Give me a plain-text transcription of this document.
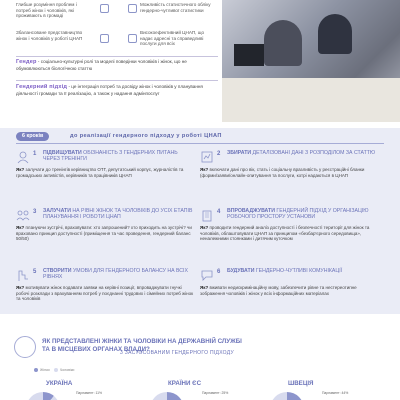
Глибше розуміння проблем і потреб жінок і чоловіків, які проживають в громаді
Збалансоване представництво жінок і чоловіків у роботі ЦНАП
Можливість статистичного обліку гендерно-чутливої статистики
Високоефективний ЦНАП, що надає адресні та справедливі послуги для всіх
Гендер - соціально-культурні ролі та моделі поведінки чоловіків і жінок, що не обумовлюються біологічною статтю
Гендерний підхід - це інтеграція потреб та досвіду жінок і чоловіків у планування діяльності громади та її реалізацію, а також у надання адмінпослуг
6 кроків	до реалізації гендерного підходу у роботі ЦНАП
1 ПІДВИЩУВАТИ ОБІЗНАНІСТЬ З ГЕНДЕРНИХ ПИТАНЬ ЧЕРЕЗ ТРЕНІНГИ
Як? залучати до тренінгів керівництво ОТГ, депутатський корпус, журналістів та громадських активістів, керівників та працівників ЦНАП
2 ЗБИРАТИ ДЕТАЛІЗОВАНІ ДАНІ З РОЗПОДІЛОМ ЗА СТАТТЮ
Як? включати дані про вік, стать і соціальну вразливість у реєстраційні бланки (форми/заяви/онлайн-опитування та послуги, котрі надаються в ЦНАП
3 ЗАЛУЧАТИ НА РІВНІ ЖІНОК ТА ЧОЛОВІКІВ ДО УСІХ ЕТАПІВ ПЛАНУВАННЯ І РОБОТИ ЦНАП
Як? плануючи зустрічі, враховувати: хто запрошений? хто приходить на зустрічі? чи враховано принцип доступності (приміщення та час проведення, гендерний баланс 50/50)
4 ВПРОВАДЖУВАТИ ГЕНДЕРНИЙ ПІДХІД У ОРГАНІЗАЦІЮ РОБОЧОГО ПРОСТОРУ УСТАНОВИ
Як? проводити гендерний аналіз доступності і безпечності території для жінок та чоловіків, облаштовувати ЦНАП за принципом «безбар'єрного середовища», неналежними стоянками і дитячим куточком
5 СТВОРИТИ УМОВИ ДЛЯ ГЕНДЕРНОГО БАЛАНСУ НА ВСІХ РІВНЯХ
Як? мотивувати жінок подавати заявки на керівні позиції, впроваджувати гнучкі робочі розклади з врахуванням потреб у поєднанні трудових і сімейних потреб жінок та чоловіків
6 БУДУВАТИ ГЕНДЕРНО-ЧУТЛИВІ КОМУНІКАЦІЇ
Як? вживати недискримінаційну мову, забезпечити рівне та нестереотипне зображення чоловіків і жінок у всіх інформаційних матеріалах
ЯК ПРЕДСТАВЛЕНІ ЖІНКИ ТА ЧОЛОВІКИ НА ДЕРЖАВНІЙ СЛУЖБІ ТА В МІСЦЕВИХ ОРГАНАХ ВЛАДИ?
3 ЗАСТОСОВАНИМ ГЕНДЕРНОГО ПІДХОДУ
Жінки	Чоловіки
УКРАЇНА
Парламент: 11%
КРАЇНИ ЄС
Парламент: 25%
ШВЕЦІЯ
Парламент: 44%
